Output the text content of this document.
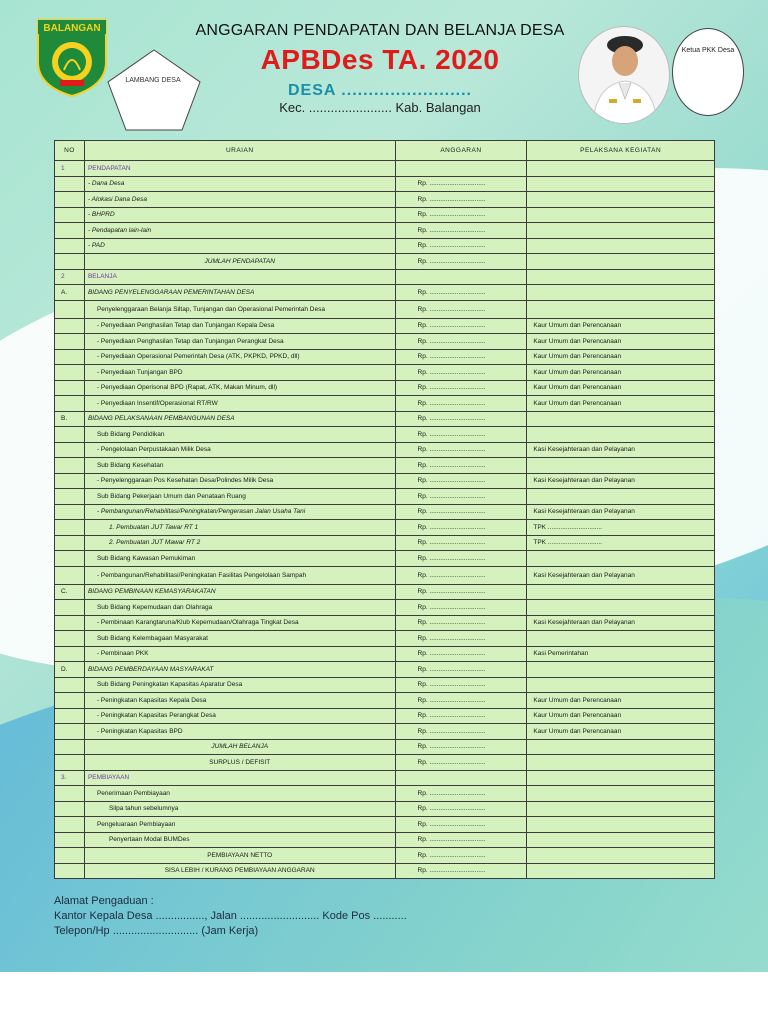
BALANGAN
LAMBANG DESA
ANGGARAN PENDAPATAN DAN BELANJA DESA
APBDes TA. 2020
DESA ........................
Kec. ....................... Kab. Balangan
Ketua PKK Desa
NO	URAIAN	ANGGARAN	PELAKSANA KEGIATAN
1	PENDAPATAN		
	- Dana Desa	Rp. ...............................	
	- Alokasi Dana Desa	Rp. ...............................	
	- BHPRD	Rp. ...............................	
	- Pendapatan lain-lain	Rp. ...............................	
	- PAD	Rp. ...............................	
	JUMLAH PENDAPATAN	Rp. ...............................	
2	BELANJA		
A.	BIDANG PENYELENGGARAAN PEMERINTAHAN DESA	Rp. ...............................	
	Penyelenggaraan Belanja Siltap, Tunjangan dan Operasional Pemerintah Desa	Rp. ...............................	
	- Penyediaan Penghasilan Tetap dan Tunjangan Kepala Desa	Rp. ...............................	Kaur Umum dan Perencanaan
	- Penyediaan Penghasilan Tetap dan Tunjangan Perangkat Desa	Rp. ...............................	Kaur Umum dan Perencanaan
	- Penyediaan Operasional Pemerintah Desa (ATK, PKPKD, PPKD, dll)	Rp. ...............................	Kaur Umum dan Perencanaan
	- Penyediaan Tunjangan BPD	Rp. ...............................	Kaur Umum dan Perencanaan
	- Penyediaan Operisonal BPD (Rapat, ATK, Makan Minum, dll)	Rp. ...............................	Kaur Umum dan Perencanaan
	- Penyediaan Insentif/Operasional RT/RW	Rp. ...............................	Kaur Umum dan Perencanaan
B.	BIDANG PELAKSANAAN PEMBANGUNAN DESA	Rp. ...............................	
	Sub Bidang Pendidikan	Rp. ...............................	
	- Pengelolaan Perpustakaan Milik Desa	Rp. ...............................	Kasi Kesejahteraan dan Pelayanan
	Sub Bidang Kesehatan	Rp. ...............................	
	- Penyelenggaraan Pos Kesehatan Desa/Polindes Milik Desa	Rp. ...............................	Kasi Kesejahteraan dan Pelayanan
	Sub Bidang Pekerjaan Umum dan Penataan Ruang	Rp. ...............................	
	- Pembangunan/Rehabilitasi/Peningkatan/Pengerasan Jalan Usaha Tani	Rp. ...............................	Kasi Kesejahteraan dan Pelayanan
	1. Pembuatan JUT Tawar RT 1	Rp. ...............................	TPK ..............................
	2. Pembuatan JUT Mawar RT 2	Rp. ...............................	TPK ..............................
	Sub Bidang Kawasan Pemukiman	Rp. ...............................	
	- Pembangunan/Rehabilitasi/Peningkatan Fasilitas Pengelolaan Sampah	Rp. ...............................	Kasi Kesejahteraan dan Pelayanan
C.	BIDANG PEMBINAAN KEMASYARAKATAN	Rp. ...............................	
	Sub Bidang Kepemudaan dan Olahraga	Rp. ...............................	
	- Pembinaan Karangtaruna/Klub Kepemudaan/Olahraga Tingkat Desa	Rp. ...............................	Kasi Kesejahteraan dan Pelayanan
	Sub Bidang Kelembagaan Masyarakat	Rp. ...............................	
	- Pembinaan PKK	Rp. ...............................	Kasi Pemerintahan
D.	BIDANG PEMBERDAYAAN MASYARAKAT	Rp. ...............................	
	Sub Bidang Peningkatan Kapasitas Aparatur Desa	Rp. ...............................	
	- Peningkatan Kapasitas Kepala Desa	Rp. ...............................	Kaur Umum dan Perencanaan
	- Peningkatan Kapasitas Perangkat Desa	Rp. ...............................	Kaur Umum dan Perencanaan
	- Peningkatan Kapasitas BPD	Rp. ...............................	Kaur Umum dan Perencanaan
	JUMLAH BELANJA	Rp. ...............................	
	SURPLUS / DEFISIT	Rp. ...............................	
3.	PEMBIAYAAN		
	Penerimaan Pembiayaan	Rp. ...............................	
	Silpa tahun sebelumnya	Rp. ...............................	
	Pengeluaraan Pembiayaan	Rp. ...............................	
	Penyertaan Modal BUMDes	Rp. ...............................	
	PEMBIAYAAN NETTO	Rp. ...............................	
	SISA LEBIH / KURANG PEMBIAYAAN ANGGARAN	Rp. ...............................	
Alamat Pengaduan :
Kantor Kepala Desa ................, Jalan .......................... Kode Pos ...........
Telepon/Hp ............................ (Jam Kerja)
